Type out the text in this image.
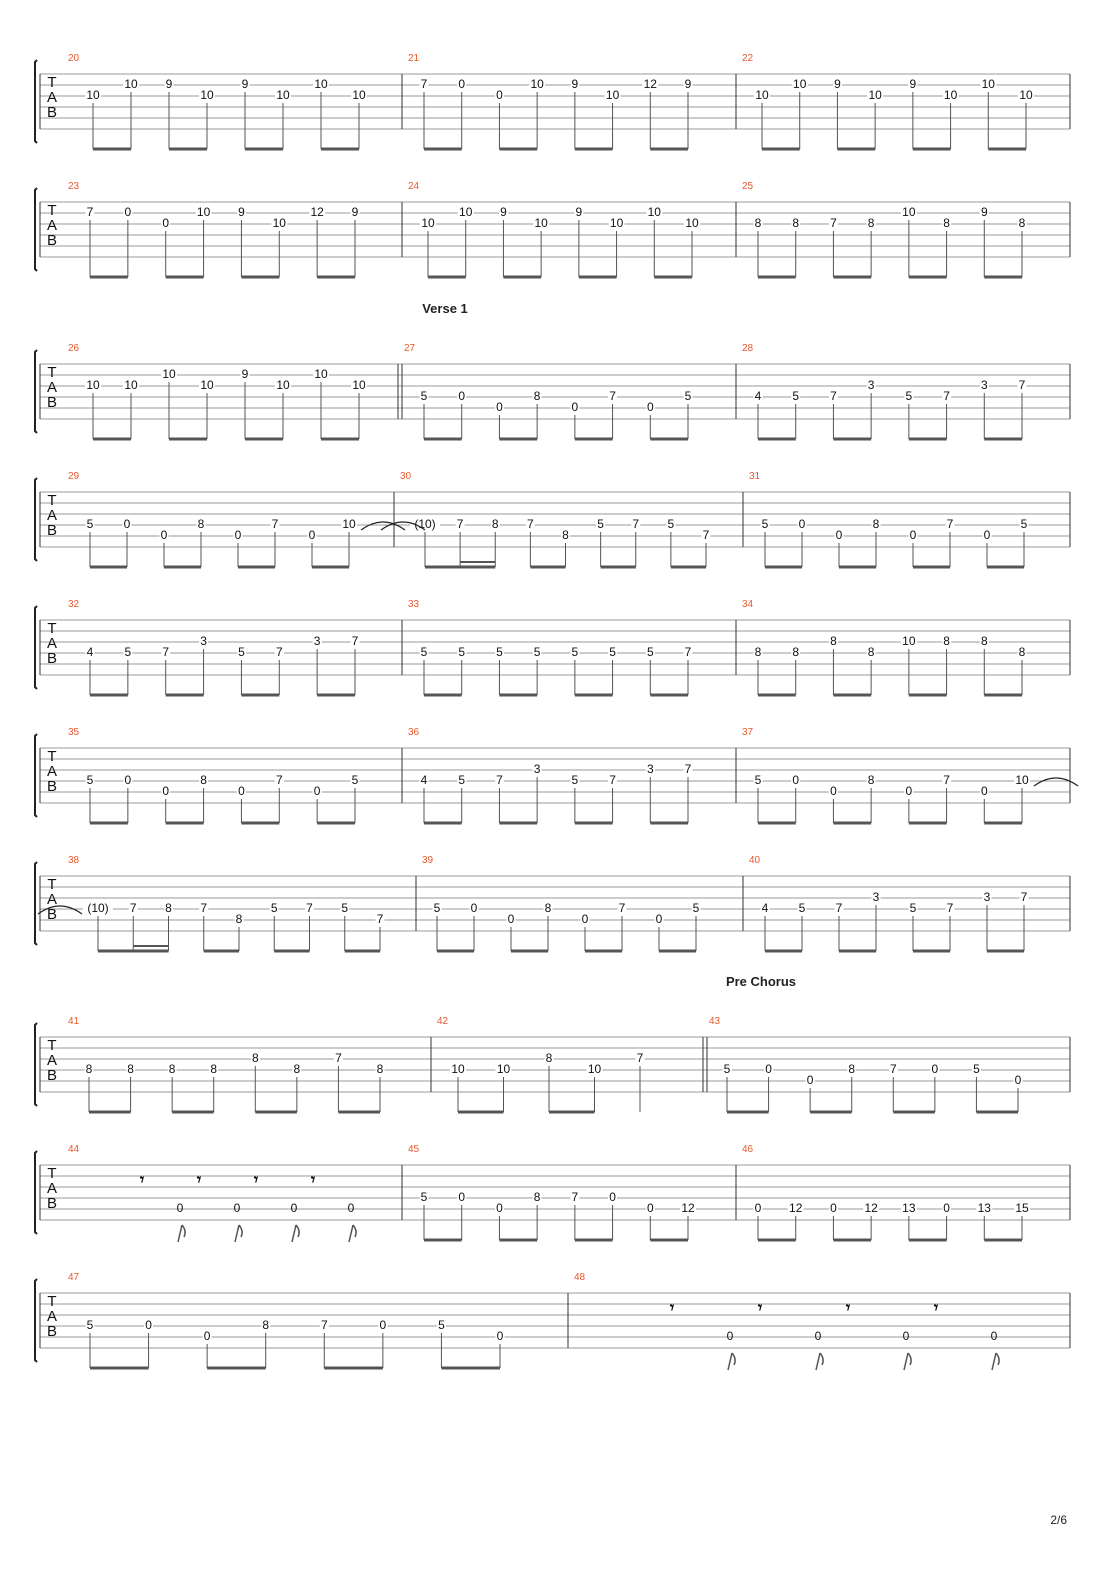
2/6
T
A
B
20
10
10 9
10
9
10
10
10
21
7	0
0
10 9
10
12 9
22
10
10 9
10
9
10
10
10
T
A
B
23
7	0
0
10 9
10
12 9
24
10
10 9
10
9
10
10
10
25
8	8	7	8
10
8
9
8
T
A
B
Verse 1
26
10 10
10
10
9
10
10
10
27
5	0
0
8
0
7
0
5
28
4	5	7
3
5	7
3	7
T
A
B
29
5	0
0
8
0
7
0
10
30
(10) 7 8 7
8
5 7 5
7
31
5	0
0
8
0
7
0
5
T
A
B
32
4	5	7
3
5	7
3	7
33
5	5	5	5	5	5	5	7
34
8	8
8
8
10 8	8
8
T
A
B
35
5	0
0
8
0
7
0
5
36
4	5	7
3
5	7
3	7
37
5	0
0
8
0
7
0
10
T
A
B
38
(10) 7 8 7
8
5 7 5
7
39
5	0
0
8
0
7
0
5
40
4	5	7
3
5	7
3	7
T
A
B
Pre Chorus
41
8	8	8	8
8
8
7
8
42
10	10
8
10
7
43
5	0
0
8	7	0	5
0
T
A
B
44
𝄾
0
𝄾
0
𝄾
0
𝄾
0
45
5	0
0
8	7	0
0 12
46
0 12 0 12 13 0 13 15
T
A
B
47
5	0
0
8	7	0	5
0
48
𝄾
0
𝄾
0
𝄾
0
𝄾
0
